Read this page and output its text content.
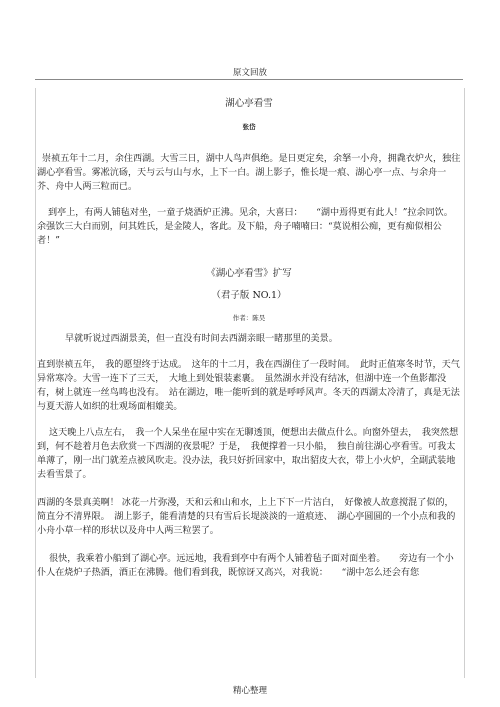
原文回放
湖心亭看雪
张岱

崇祯五年十二月，余住西湖。大雪三日，湖中人鸟声俱绝。是日更定矣，余拏一小舟，拥毳衣炉火，独往湖心亭看雪。雾凇沆砀，天与云与山与水，上下一白。湖上影子，惟长堤一痕、湖心亭一点、与余舟一芥、舟中人两三粒而已。

到亭上，有两人铺毡对坐，一童子烧酒炉正沸。见余，大喜曰：　　“湖中焉得更有此人！”拉余同饮。余强饮三大白而别，问其姓氏，是金陵人，客此。及下船，舟子喃喃曰：“莫说相公痴，更有痴似相公者！”

《湖心亭看雪》扩写
（君子版 NO.1）
作者：陈昊

早就听说过西湖景美，但一直没有时间去西湖亲眼一睹那里的美景。

直到崇祯五年，　我的愿望终于达成。　这年的十二月，我在西湖住了一段时间。　此时正值寒冬时节，天气异常寒冷。大雪一连下了三天，　大地上到处银装素裹。　虽然湖水并没有结冰，但湖中连一个鱼影都没有，树上就连一丝鸟鸣也没有。　站在湖边，唯一能听到的就是呼呼风声。冬天的西湖太冷清了，真是无法与夏天游人如织的壮观场面相媲美。

这天晚上八点左右，　我一个人呆坐在屋中实在无聊透顶，便想出去做点什么。向窗外望去，　我突然想到，何不趁着月色去欣赏一下西湖的夜景呢？于是，　我便撑着一只小船，　独自前往湖心亭看雪。可我太单薄了，刚一出门就差点被风吹走。没办法，我只好折回家中，取出貂皮大衣，带上小火炉，全副武装地去看雪景了。

西湖的冬景真美啊！ 冰花一片弥漫，天和云和山和水，上上下下一片洁白，　好像被人故意搅混了似的，简直分不清界限。　湖上影子，能看清楚的只有雪后长堤淡淡的一道痕迹、　湖心亭圆圆的一个小点和我的小舟小草一样的形状以及舟中人两三粒罢了。

很快，我乘着小船到了湖心亭。远远地，我看到亭中有两个人铺着毡子面对面坐着。　　旁边有一个小仆人在烧炉子热酒，酒正在沸腾。他们看到我，既惊讶又高兴，对我说：　　“湖中怎么还会有您

精心整理
